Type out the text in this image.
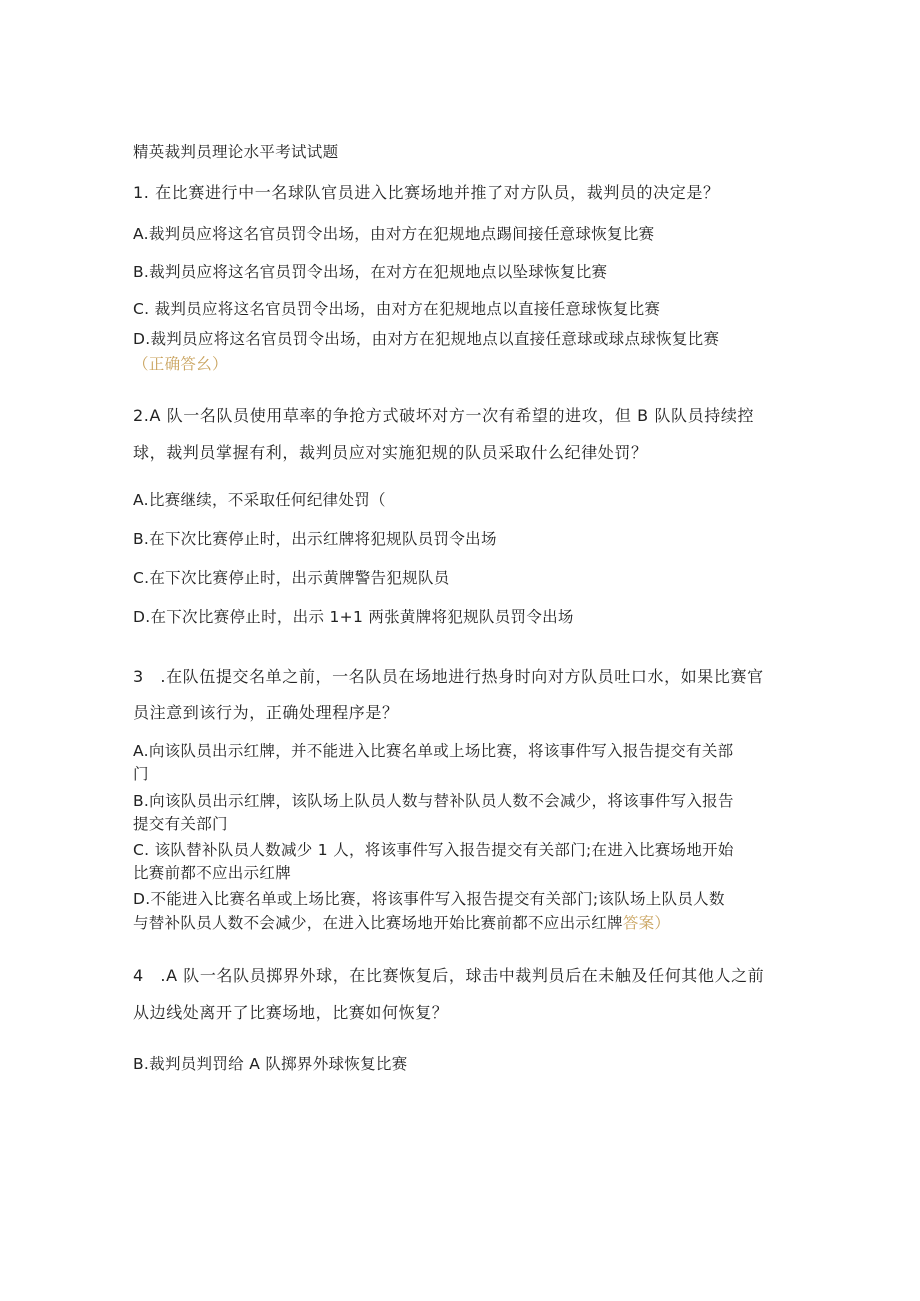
精英裁判员理论水平考试试题
1. 在比赛进行中一名球队官员进入比赛场地并推了对方队员，裁判员的决定是？
A.裁判员应将这名官员罚令出场，由对方在犯规地点踢间接任意球恢复比赛
B.裁判员应将这名官员罚令出场，在对方在犯规地点以坠球恢复比赛
C. 裁判员应将这名官员罚令出场，由对方在犯规地点以直接任意球恢复比赛
D.裁判员应将这名官员罚令出场，由对方在犯规地点以直接任意球或球点球恢复比赛
（正确答幺）
2.A 队一名队员使用草率的争抢方式破坏对方一次有希望的进攻，但 B 队队员持续控
球，裁判员掌握有利，裁判员应对实施犯规的队员采取什么纪律处罚？
A.比赛继续，不采取任何纪律处罚（
B.在下次比赛停止时，出示红牌将犯规队员罚令出场
C.在下次比赛停止时，出示黄牌警告犯规队员
D.在下次比赛停止时，出示 1+1 两张黄牌将犯规队员罚令出场
3　.在队伍提交名单之前，一名队员在场地进行热身时向对方队员吐口水，如果比赛官
员注意到该行为，正确处理程序是？
A.向该队员出示红牌，并不能进入比赛名单或上场比赛，将该事件写入报告提交有关部
门
B.向该队员出示红牌，该队场上队员人数与替补队员人数不会减少，将该事件写入报告
提交有关部门
C. 该队替补队员人数减少 1 人，将该事件写入报告提交有关部门;在进入比赛场地开始
比赛前都不应出示红牌
D.不能进入比赛名单或上场比赛，将该事件写入报告提交有关部门;该队场上队员人数
与替补队员人数不会减少，在进入比赛场地开始比赛前都不应出示红牌答案）
4　.A 队一名队员掷界外球，在比赛恢复后，球击中裁判员后在未触及任何其他人之前
从边线处离开了比赛场地，比赛如何恢复？
B.裁判员判罚给 A 队掷界外球恢复比赛
